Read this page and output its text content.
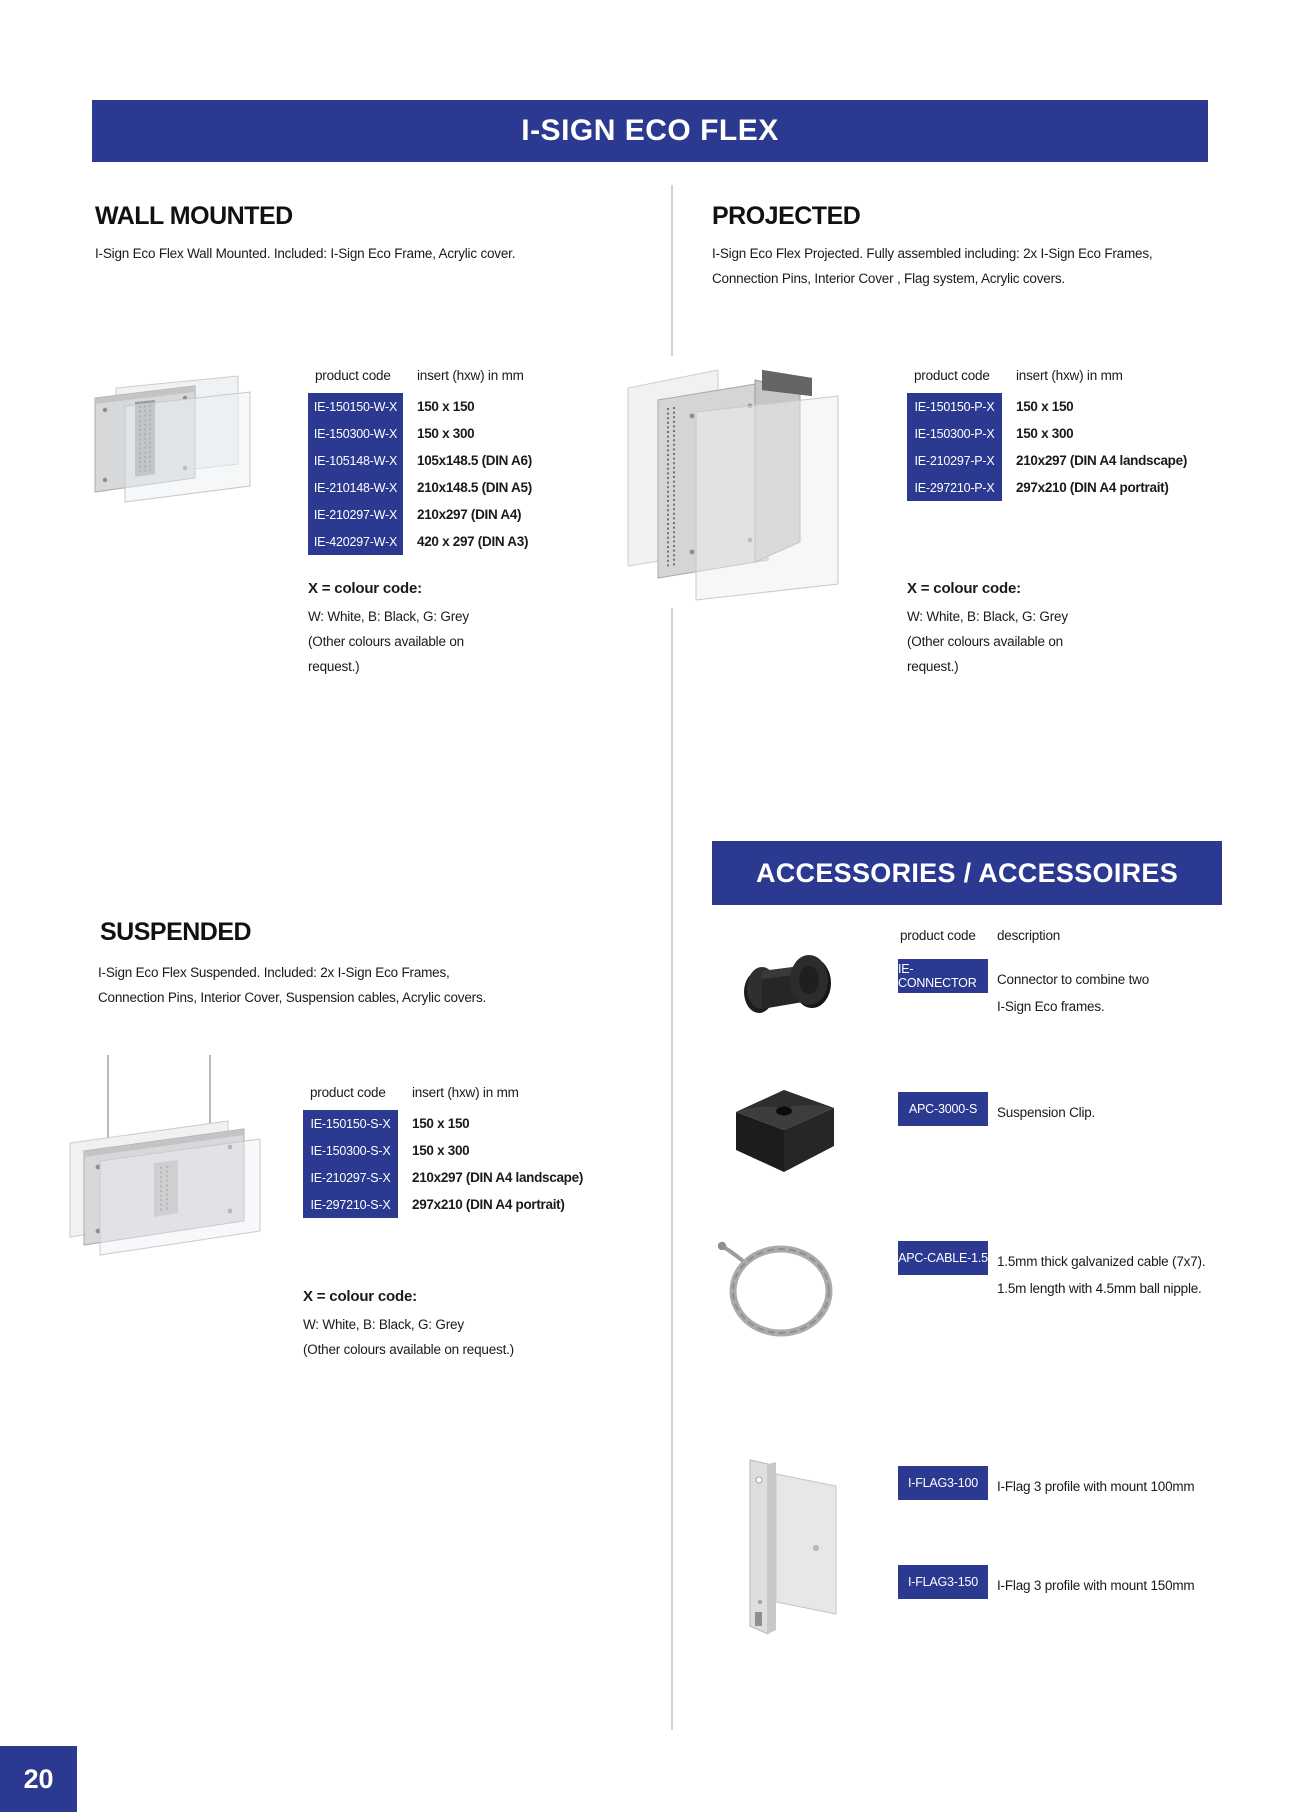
I-SIGN ECO FLEX
WALL MOUNTED
I-Sign Eco Flex Wall Mounted. Included: I-Sign Eco Frame, Acrylic cover.
product code	insert (hxw) in mm
IE-150150-W-X	150 x 150
IE-150300-W-X	150 x 300
IE-105148-W-X	105x148.5 (DIN A6)
IE-210148-W-X	210x148.5 (DIN A5)
IE-210297-W-X	210x297 (DIN A4)
IE-420297-W-X	420 x 297 (DIN A3)
X = colour code:
W: White, B: Black, G: Grey
(Other colours available on
request.)
PROJECTED
I-Sign Eco Flex Projected. Fully assembled including: 2x I-Sign Eco Frames,
Connection Pins, Interior Cover , Flag system, Acrylic covers.
product code	insert (hxw) in mm
IE-150150-P-X	150 x 150
IE-150300-P-X	150 x 300
IE-210297-P-X	210x297 (DIN A4 landscape)
IE-297210-P-X	297x210 (DIN A4 portrait)
X = colour code:
W: White, B: Black, G: Grey
(Other colours available on
request.)
ACCESSORIES / ACCESSOIRES
product code	description
IE-CONNECTOR	Connector to combine two
I-Sign Eco frames.
APC-3000-S	Suspension Clip.
APC-CABLE-1.5 1.5mm thick galvanized cable (7x7).
1.5m length with 4.5mm ball nipple.
I-FLAG3-100	I-Flag 3 profile with mount 100mm
I-FLAG3-150	I-Flag 3 profile with mount 150mm
SUSPENDED
I-Sign Eco Flex Suspended. Included: 2x I-Sign Eco Frames,
Connection Pins, Interior Cover, Suspension cables, Acrylic covers.
product code	insert (hxw) in mm
IE-150150-S-X	150 x 150
IE-150300-S-X	150 x 300
IE-210297-S-X	210x297 (DIN A4 landscape)
IE-297210-S-X	297x210 (DIN A4 portrait)
X = colour code:
W: White, B: Black, G: Grey
(Other colours available on request.)
20
